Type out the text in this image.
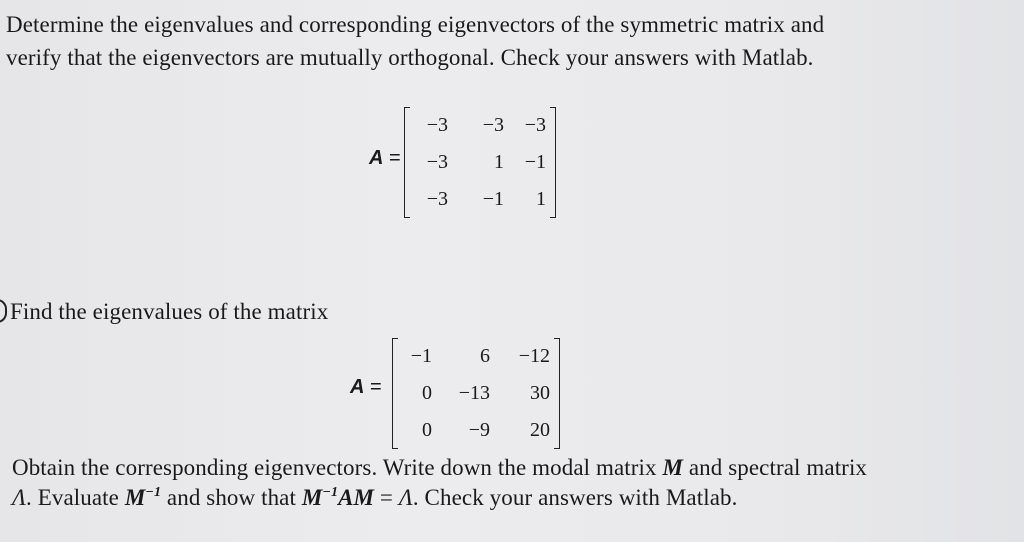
Determine the eigenvalues and corresponding eigenvectors of the symmetric matrix and
verify that the eigenvectors are mutually orthogonal. Check your answers with Matlab.
A =
−3	−3	−3
−3	1	−1
−3	−1	1
Find the eigenvalues of the matrix
A =
−1	6	−12
0	−13	30
0	−9	20
Obtain the corresponding eigenvectors. Write down the modal matrix M and spectral matrix
Λ. Evaluate $M^{-1}$ and show that $M^{-1}AM = \Lambda$. Check your answers with Matlab.
